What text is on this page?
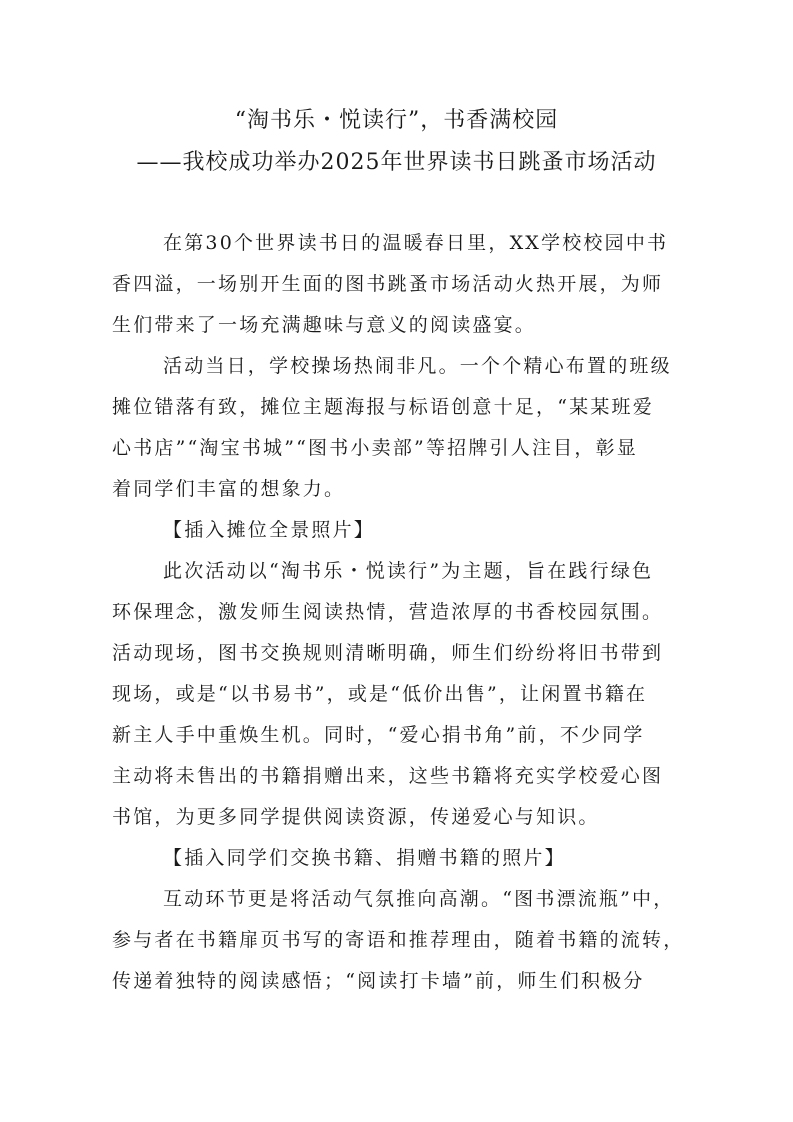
“淘书乐・悦读行”，书香满校园
——我校成功举办2025年世界读书日跳蚤市场活动
在第30个世界读书日的温暖春日里，XX学校校园中书
香四溢，一场别开生面的图书跳蚤市场活动火热开展，为师
生们带来了一场充满趣味与意义的阅读盛宴。
活动当日，学校操场热闹非凡。一个个精心布置的班级
摊位错落有致，摊位主题海报与标语创意十足，“某某班爱
心书店”“淘宝书城”“图书小卖部”等招牌引人注目，彰显
着同学们丰富的想象力。
【插入摊位全景照片】
此次活动以“淘书乐・悦读行”为主题，旨在践行绿色
环保理念，激发师生阅读热情，营造浓厚的书香校园氛围。
活动现场，图书交换规则清晰明确，师生们纷纷将旧书带到
现场，或是“以书易书”，或是“低价出售”，让闲置书籍在
新主人手中重焕生机。同时，“爱心捐书角”前，不少同学
主动将未售出的书籍捐赠出来，这些书籍将充实学校爱心图
书馆，为更多同学提供阅读资源，传递爱心与知识。
【插入同学们交换书籍、捐赠书籍的照片】
互动环节更是将活动气氛推向高潮。“图书漂流瓶”中，
参与者在书籍扉页书写的寄语和推荐理由，随着书籍的流转，
传递着独特的阅读感悟；“阅读打卡墙”前，师生们积极分
